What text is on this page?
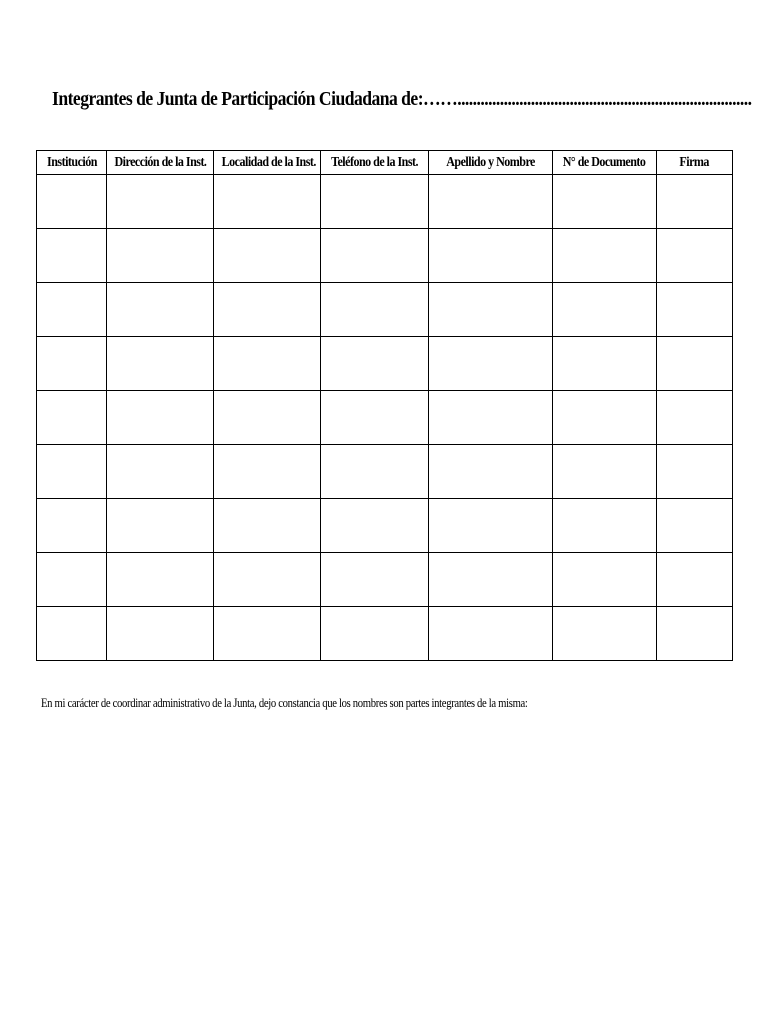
Integrantes de Junta de Participación Ciudadana de:……............................................................................
Institución	Dirección de la Inst.	Localidad de la Inst.	Teléfono de la Inst.	Apellido y Nombre	N° de Documento	Firma

En mi carácter de coordinar administrativo de la Junta, dejo constancia que los nombres son partes integrantes de la misma:
